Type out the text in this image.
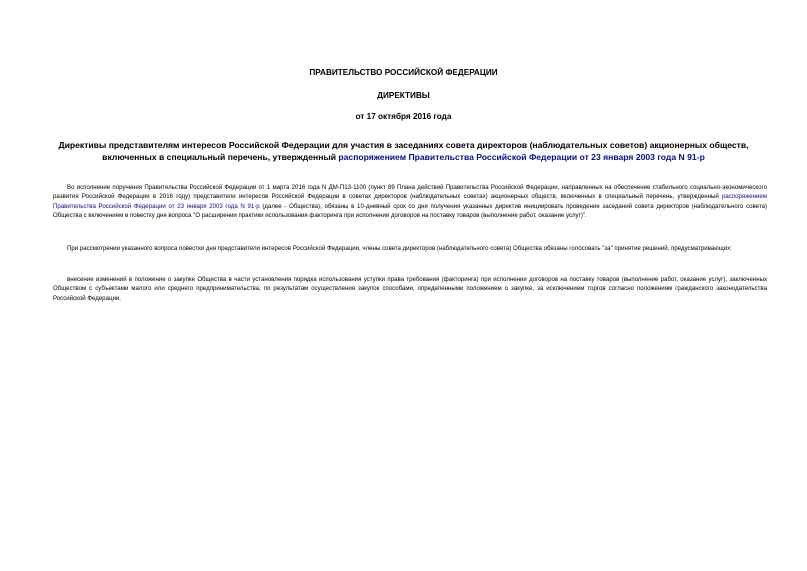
ПРАВИТЕЛЬСТВО РОССИЙСКОЙ ФЕДЕРАЦИИ
ДИРЕКТИВЫ
от 17 октября 2016 года
Директивы представителям интересов Российской Федерации для участия в заседаниях совета директоров (наблюдательных советов) акционерных обществ, включенных в специальный перечень, утвержденный распоряжением Правительства Российской Федерации от 23 января 2003 года N 91-р

Во исполнение поручения Правительства Российской Федерации от 1 марта 2016 года N ДМ-П13-1100 (пункт 89 Плана действий Правительства Российской Федерации, направленных на обеспечение стабильного социально-экономического развития Российской Федерации в 2016 году) представители интересов Российской Федерации в советах директоров (наблюдательных советах) акционерных обществ, включенных в специальный перечень, утвержденный распоряжением Правительства Российской Федерации от 23 января 2003 года N 91-р (далее - Общества), обязаны в 10-дневный срок со дня получения указанных директив инициировать проведение заседаний совета директоров (наблюдательного совета) Общества с включением в повестку дня вопроса "О расширении практики использования факторинга при исполнении договоров на поставку товаров (выполнение работ, оказание услуг)".

При рассмотрении указанного вопроса повестки дня представители интересов Российской Федерации, члены совета директоров (наблюдательного совета) Общества обязаны голосовать "за" принятие решений, предусматривающих:

внесение изменений в положение о закупке Общества в части установления порядка использования уступки права требования (факторинга) при исполнении договоров на поставку товаров (выполнение работ, оказание услуг), заключенных Обществом с субъектами малого или среднего предпринимательства, по результатам осуществления закупок способами, определенными положением о закупке, за исключением торгов согласно положениям гражданского законодательства Российской Федерации.
